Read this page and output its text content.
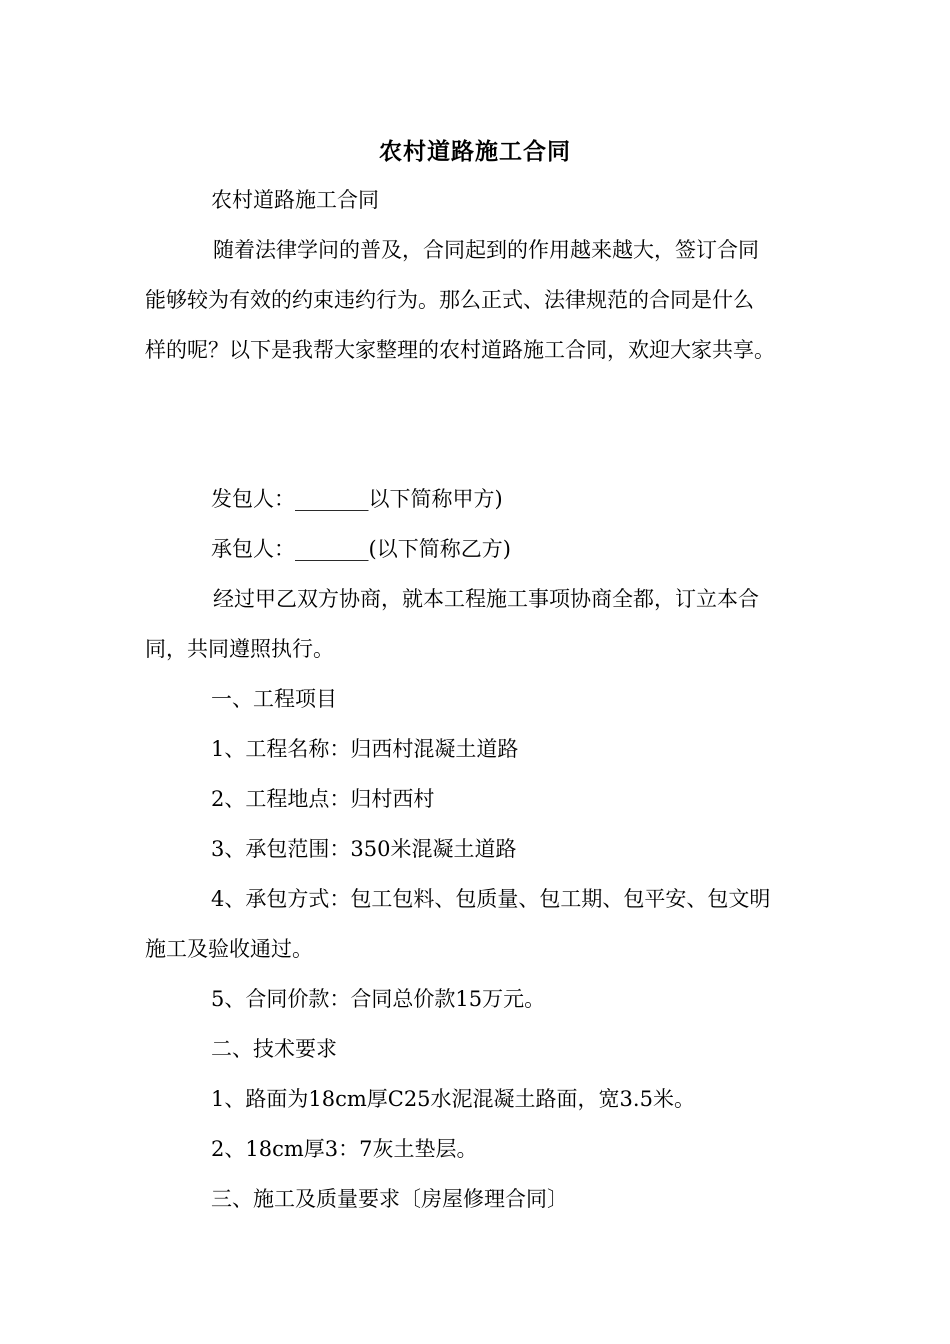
农村道路施工合同
农村道路施工合同
随着法律学问的普及，合同起到的作用越来越大，签订合同
能够较为有效的约束违约行为。那么正式、法律规范的合同是什么
样的呢？以下是我帮大家整理的农村道路施工合同，欢迎大家共享。
发包人：_______以下简称甲方)
承包人：_______(以下简称乙方)
经过甲乙双方协商，就本工程施工事项协商全都，订立本合
同，共同遵照执行。
一、工程项目
1、工程名称：归西村混凝土道路
2、工程地点：归村西村
3、承包范围：350米混凝土道路
4、承包方式：包工包料、包质量、包工期、包平安、包文明
施工及验收通过。
5、合同价款：合同总价款15万元。
二、技术要求
1、路面为18cm厚C25水泥混凝土路面，宽3.5米。
2、18cm厚3：7灰土垫层。
三、施工及质量要求〔房屋修理合同〕
